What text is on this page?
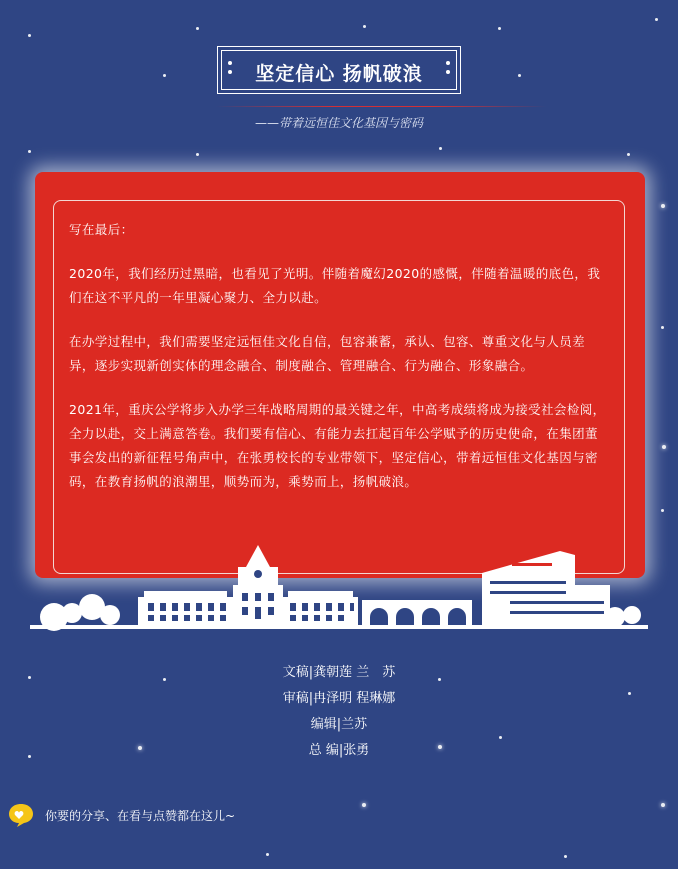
坚定信心 扬帆破浪
——带着远恒佳文化基因与密码

写在最后：

2020年，我们经历过黑暗，也看见了光明。伴随着魔幻2020的感慨，伴随着温暖的底色，我们在这不平凡的一年里凝心聚力、全力以赴。

在办学过程中，我们需要坚定远恒佳文化自信，包容兼蓄，承认、包容、尊重文化与人员差异，逐步实现新创实体的理念融合、制度融合、管理融合、行为融合、形象融合。

2021年，重庆公学将步入办学三年战略周期的最关键之年，中高考成绩将成为接受社会检阅，全力以赴，交上满意答卷。我们要有信心、有能力去扛起百年公学赋予的历史使命，在集团董事会发出的新征程号角声中，在张勇校长的专业带领下，坚定信心，带着远恒佳文化基因与密码，在教育扬帆的浪潮里，顺势而为，乘势而上，扬帆破浪。

文稿|龚朝莲 兰　苏
审稿|冉泽明 程琳娜
编辑|兰苏
总 编|张勇
你要的分享、在看与点赞都在这儿~
